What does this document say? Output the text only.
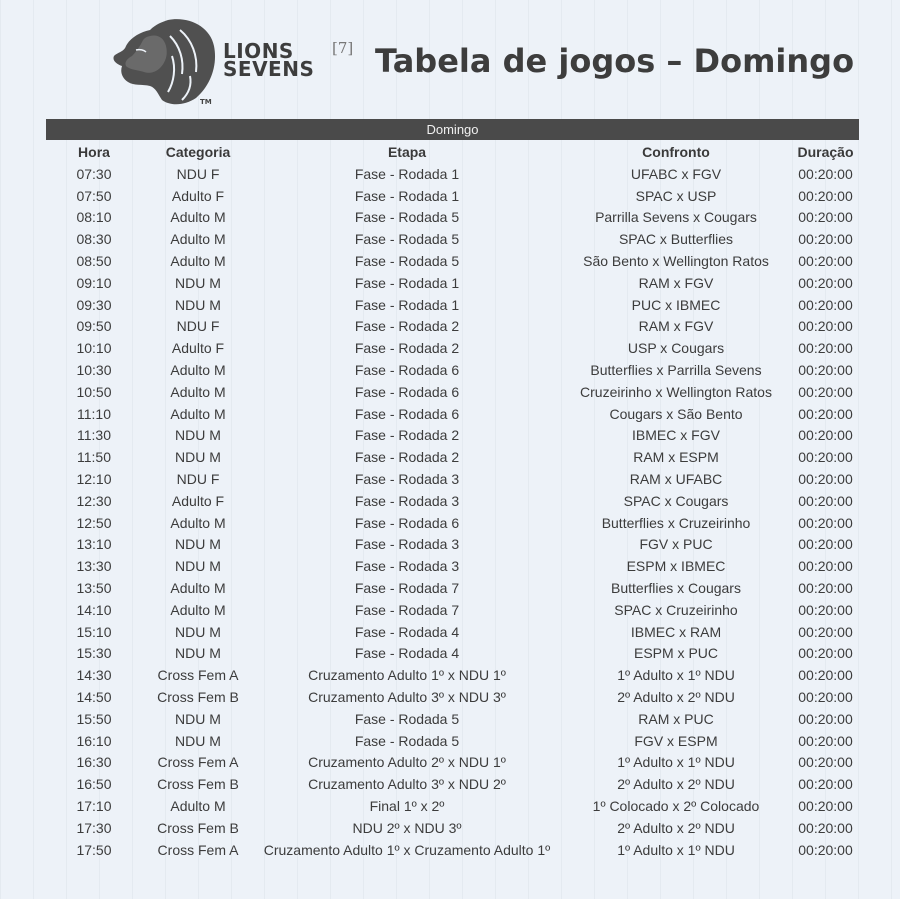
TM
LIONS
SEVENS
[7] Tabela de jogos – Domingo
Domingo
Hora	Categoria	Etapa	Confronto	Duração
07:30	NDU F	Fase - Rodada 1	UFABC x FGV	00:20:00
07:50	Adulto F	Fase - Rodada 1	SPAC x USP	00:20:00
08:10	Adulto M	Fase - Rodada 5	Parrilla Sevens x Cougars	00:20:00
08:30	Adulto M	Fase - Rodada 5	SPAC x Butterflies	00:20:00
08:50	Adulto M	Fase - Rodada 5	São Bento x Wellington Ratos	00:20:00
09:10	NDU M	Fase - Rodada 1	RAM x FGV	00:20:00
09:30	NDU M	Fase - Rodada 1	PUC x IBMEC	00:20:00
09:50	NDU F	Fase - Rodada 2	RAM x FGV	00:20:00
10:10	Adulto F	Fase - Rodada 2	USP x Cougars	00:20:00
10:30	Adulto M	Fase - Rodada 6	Butterflies x Parrilla Sevens	00:20:00
10:50	Adulto M	Fase - Rodada 6	Cruzeirinho x Wellington Ratos	00:20:00
11:10	Adulto M	Fase - Rodada 6	Cougars x São Bento	00:20:00
11:30	NDU M	Fase - Rodada 2	IBMEC x FGV	00:20:00
11:50	NDU M	Fase - Rodada 2	RAM x ESPM	00:20:00
12:10	NDU F	Fase - Rodada 3	RAM x UFABC	00:20:00
12:30	Adulto F	Fase - Rodada 3	SPAC x Cougars	00:20:00
12:50	Adulto M	Fase - Rodada 6	Butterflies x Cruzeirinho	00:20:00
13:10	NDU M	Fase - Rodada 3	FGV x PUC	00:20:00
13:30	NDU M	Fase - Rodada 3	ESPM x IBMEC	00:20:00
13:50	Adulto M	Fase - Rodada 7	Butterflies x Cougars	00:20:00
14:10	Adulto M	Fase - Rodada 7	SPAC x Cruzeirinho	00:20:00
15:10	NDU M	Fase - Rodada 4	IBMEC x RAM	00:20:00
15:30	NDU M	Fase - Rodada 4	ESPM x PUC	00:20:00
14:30	Cross Fem A	Cruzamento Adulto 1º x NDU 1º	1º Adulto x 1º NDU	00:20:00
14:50	Cross Fem B	Cruzamento Adulto 3º x NDU 3º	2º Adulto x 2º NDU	00:20:00
15:50	NDU M	Fase - Rodada 5	RAM x PUC	00:20:00
16:10	NDU M	Fase - Rodada 5	FGV x ESPM	00:20:00
16:30	Cross Fem A	Cruzamento Adulto 2º x NDU 1º	1º Adulto x 1º NDU	00:20:00
16:50	Cross Fem B	Cruzamento Adulto 3º x NDU 2º	2º Adulto x 2º NDU	00:20:00
17:10	Adulto M	Final 1º x 2º	1º Colocado x 2º Colocado	00:20:00
17:30	Cross Fem B	NDU 2º x NDU 3º	2º Adulto x 2º NDU	00:20:00
17:50	Cross Fem A	Cruzamento Adulto 1º x Cruzamento Adulto 1º	1º Adulto x 1º NDU	00:20:00
